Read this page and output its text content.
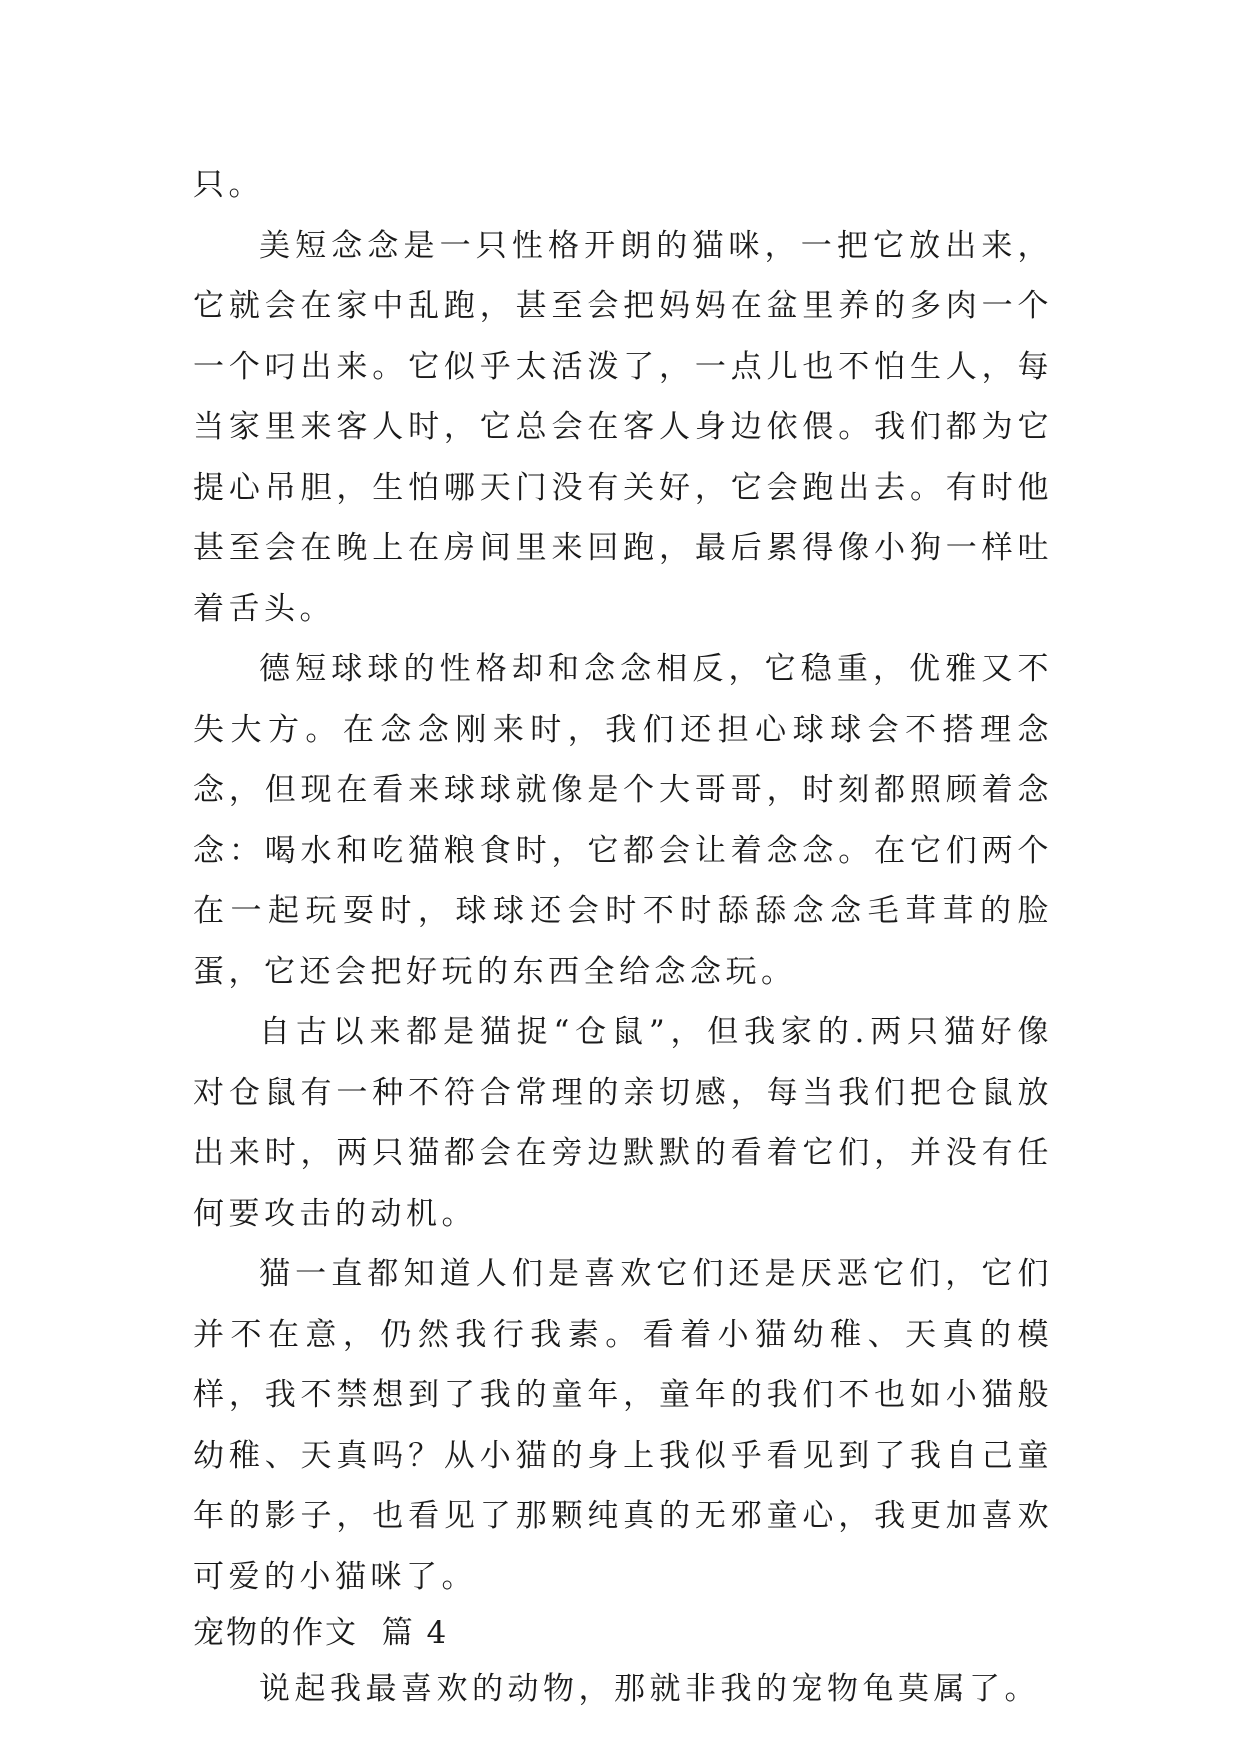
只。

美短念念是一只性格开朗的猫咪，一把它放出来，它就会在家中乱跑，甚至会把妈妈在盆里养的多肉一个一个叼出来。它似乎太活泼了，一点儿也不怕生人，每当家里来客人时，它总会在客人身边依偎。我们都为它提心吊胆，生怕哪天门没有关好，它会跑出去。有时他甚至会在晚上在房间里来回跑，最后累得像小狗一样吐着舌头。

德短球球的性格却和念念相反，它稳重，优雅又不失大方。在念念刚来时，我们还担心球球会不搭理念念，但现在看来球球就像是个大哥哥，时刻都照顾着念念：喝水和吃猫粮食时，它都会让着念念。在它们两个在一起玩耍时，球球还会时不时舔舔念念毛茸茸的脸蛋，它还会把好玩的东西全给念念玩。

自古以来都是猫捉“仓鼠”，但我家的.两只猫好像对仓鼠有一种不符合常理的亲切感，每当我们把仓鼠放出来时，两只猫都会在旁边默默的看着它们，并没有任何要攻击的动机。

猫一直都知道人们是喜欢它们还是厌恶它们，它们并不在意，仍然我行我素。看着小猫幼稚、天真的模样，我不禁想到了我的童年，童年的我们不也如小猫般幼稚、天真吗？从小猫的身上我似乎看见到了我自己童年的影子，也看见了那颗纯真的无邪童心，我更加喜欢可爱的小猫咪了。

宠物的作文  篇 4

说起我最喜欢的动物，那就非我的宠物龟莫属了。
